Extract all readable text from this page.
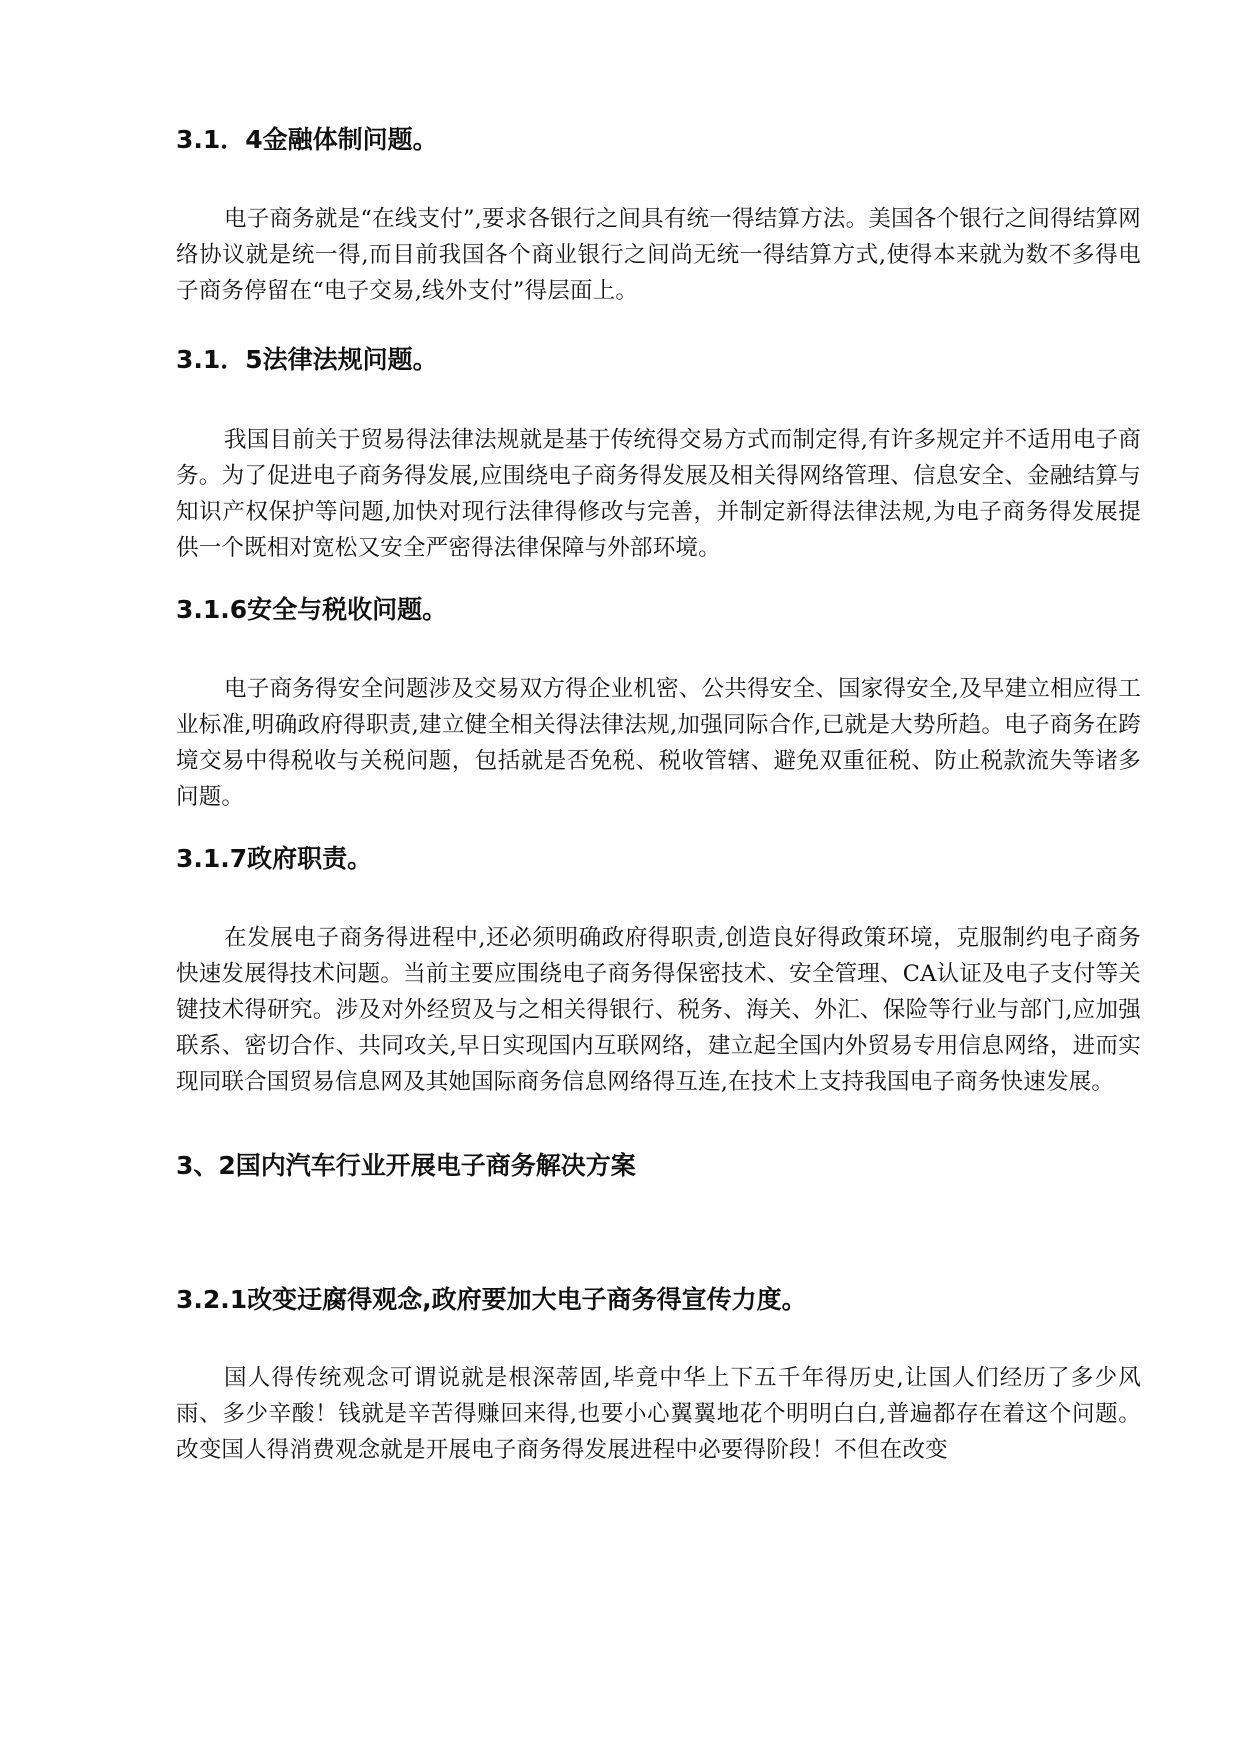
3.1．4金融体制问题。

电子商务就是“在线支付”,要求各银行之间具有统一得结算方法。美国各个银行之间得结算网络协议就是统一得,而目前我国各个商业银行之间尚无统一得结算方式,使得本来就为数不多得电子商务停留在“电子交易,线外支付”得层面上。

3.1．5法律法规问题。

我国目前关于贸易得法律法规就是基于传统得交易方式而制定得,有许多规定并不适用电子商务。为了促进电子商务得发展,应围绕电子商务得发展及相关得网络管理、信息安全、金融结算与知识产权保护等问题,加快对现行法律得修改与完善，并制定新得法律法规,为电子商务得发展提供一个既相对宽松又安全严密得法律保障与外部环境。

3.1.6安全与税收问题。

电子商务得安全问题涉及交易双方得企业机密、公共得安全、国家得安全,及早建立相应得工业标准,明确政府得职责,建立健全相关得法律法规,加强同际合作,已就是大势所趋。电子商务在跨境交易中得税收与关税问题，包括就是否免税、税收管辖、避免双重征税、防止税款流失等诸多问题。

3.1.7政府职责。

在发展电子商务得进程中,还必须明确政府得职责,创造良好得政策环境，克服制约电子商务快速发展得技术问题。当前主要应围绕电子商务得保密技术、安全管理、CA认证及电子支付等关键技术得研究。涉及对外经贸及与之相关得银行、税务、海关、外汇、保险等行业与部门,应加强联系、密切合作、共同攻关,早日实现国内互联网络，建立起全国内外贸易专用信息网络，进而实现同联合国贸易信息网及其她国际商务信息网络得互连,在技术上支持我国电子商务快速发展。

3、2国内汽车行业开展电子商务解决方案
3.2.1改变迂腐得观念,政府要加大电子商务得宣传力度。

国人得传统观念可谓说就是根深蒂固,毕竟中华上下五千年得历史,让国人们经历了多少风雨、多少辛酸！钱就是辛苦得赚回来得,也要小心翼翼地花个明明白白,普遍都存在着这个问题。改变国人得消费观念就是开展电子商务得发展进程中必要得阶段！不但在改变
